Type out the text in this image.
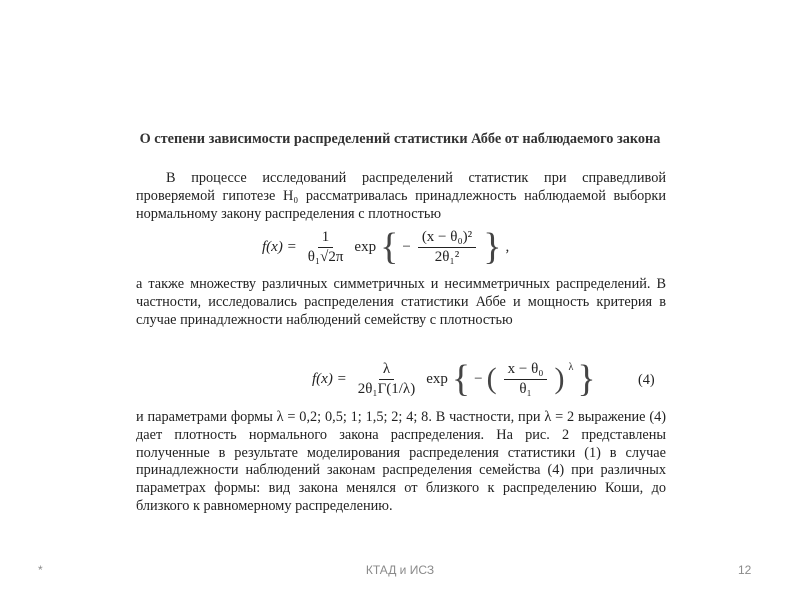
О степени зависимости распределений статистики Аббе от наблюдаемого закона
В процессе исследований распределений статистик при справедливой проверяемой гипотезе H₀ рассматривалась принадлежность наблюдаемой выборки нормальному закону распределения с плотностью
$f(x) = \frac{1}{\text{θ₁√2π}}$ exp { − $\frac{\text{(x − θ₀)²}}{\text{2θ₁²}}$ } ,
а также множеству различных симметричных и несимметричных распределений. В частности, исследовались распределения статистики Аббе и мощность критерия в случае принадлежности наблюдений семейству с плотностью
$f(x) = \frac{\lambda}{\text{2θ₁Γ(1/λ)}}$ exp { − ( $\frac{\text{x − θ₀}}{\text{θ₁}}$ ) $^\lambda$ }	(4)
и параметрами формы λ = 0,2; 0,5; 1; 1,5; 2; 4; 8. В частности, при λ = 2 выражение (4) дает плотность нормального закона распределения. На рис. 2 представлены полученные в результате моделирования распределения статистики (1) в случае принадлежности наблюдений законам распределения семейства (4) при различных параметрах формы: вид закона менялся от близкого к распределению Коши, до близкого к равномерному распределению.
*	КТАД и ИСЗ	12
